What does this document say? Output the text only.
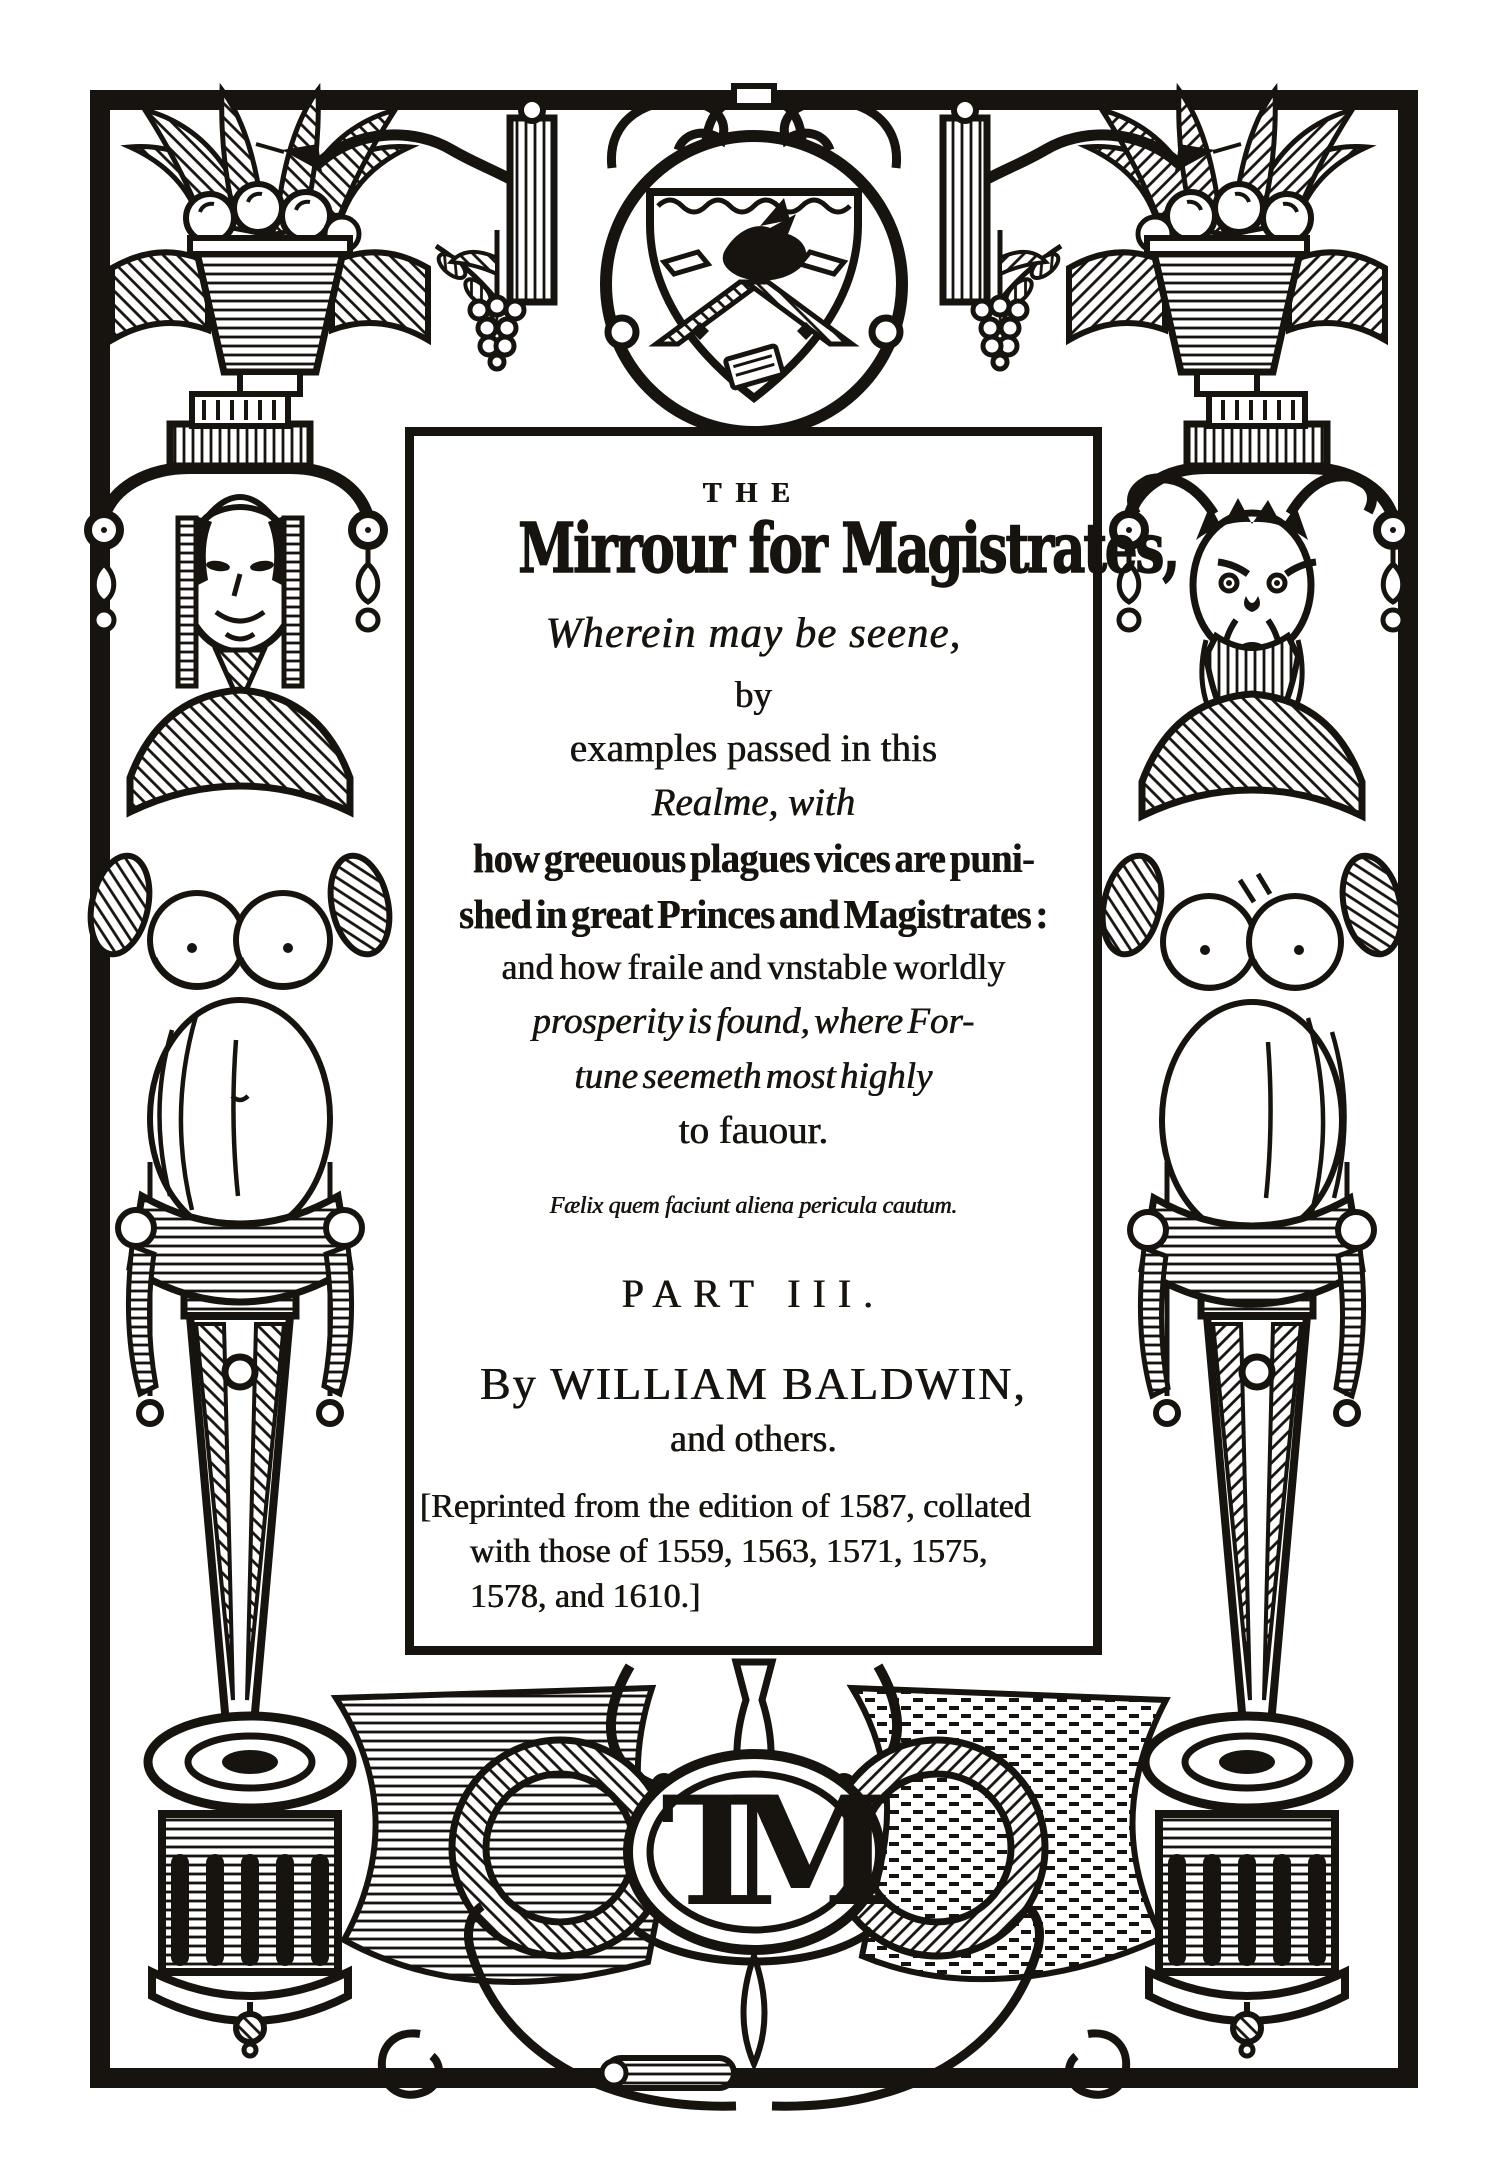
TM
THE
Mirrour for Magistrates,
Wherein may be seene,
by
examples passed in this
Realme, with
how greeuous plagues vices are puni-
shed in great Princes and Magistrates :
and how fraile and vnstable worldly
prosperity is found, where For-
tune seemeth most highly
to fauour.
Fælix quem faciunt aliena pericula cautum.
PART III.
By WILLIAM BALDWIN,
and others.
[Reprinted from the edition of 1587, collated
with those of 1559, 1563, 1571, 1575,
1578, and 1610.]
